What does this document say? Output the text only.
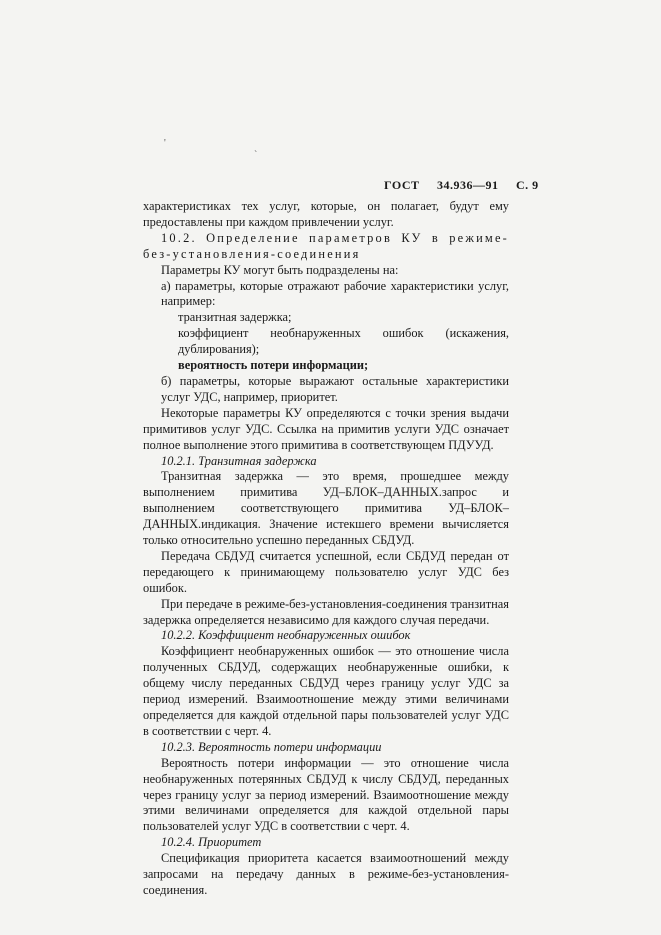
'
`
ГОСТ 34.936—91 С. 9

характеристиках тех услуг, которые, он полагает, будут ему предоставлены при каждом привлечении услуг.

10.2. Определение параметров КУ в режиме-без-установления-соединения

Параметры КУ могут быть подразделены на:

а) параметры, которые отражают рабочие характеристики услуг, например:

транзитная задержка;

коэффициент необнаруженных ошибок (искажения, дублирования);

вероятность потери информации;

б) параметры, которые выражают остальные характеристики услуг УДС, например, приоритет.

Некоторые параметры КУ определяются с точки зрения выдачи примитивов услуг УДС. Ссылка на примитив услуги УДС означает полное выполнение этого примитива в соответствующем ПДУУД.

10.2.1. Транзитная задержка

Транзитная задержка — это время, прошедшее между выполнением примитива УД–БЛОК–ДАННЫХ.запрос и выполнением соответствующего примитива УД–БЛОК–ДАННЫХ.индикация. Значение истекшего времени вычисляется только относительно успешно переданных СБДУД.

Передача СБДУД считается успешной, если СБДУД передан от передающего к принимающему пользователю услуг УДС без ошибок.

При передаче в режиме-без-установления-соединения транзитная задержка определяется независимо для каждого случая передачи.

10.2.2. Коэффициент необнаруженных ошибок

Коэффициент необнаруженных ошибок — это отношение числа полученных СБДУД, содержащих необнаруженные ошибки, к общему числу переданных СБДУД через границу услуг УДС за период измерений. Взаимоотношение между этими величинами определяется для каждой отдельной пары пользователей услуг УДС в соответствии с черт. 4.

10.2.3. Вероятность потери информации

Вероятность потери информации — это отношение числа необнаруженных потерянных СБДУД к числу СБДУД, переданных через границу услуг за период измерений. Взаимоотношение между этими величинами определяется для каждой отдельной пары пользователей услуг УДС в соответствии с черт. 4.

10.2.4. Приоритет

Спецификация приоритета касается взаимоотношений между запросами на передачу данных в режиме-без-установления-соединения.
